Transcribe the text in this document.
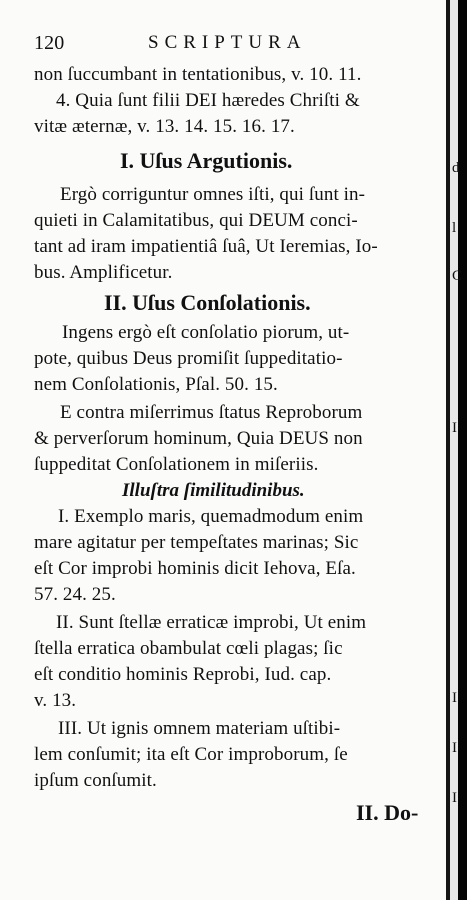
120	SCRIPTURA
non ſuccumbant in tentationibus, v. 10. 11.
4. Quia ſunt filii DEI hæredes Chriſti &
vitæ æternæ, v. 13. 14. 15. 16. 17.
I. Uſus Argutionis.
Ergò corriguntur omnes iſti, qui ſunt in-
quieti in Calamitatibus, qui DEUM conci-
tant ad iram impatientiâ ſuâ, Ut Ieremias, Io-
bus. Amplificetur.
II. Uſus Conſolationis.
Ingens ergò eſt conſolatio piorum, ut-
pote, quibus Deus promiſit ſuppeditatio-
nem Conſolationis, Pſal. 50. 15.
E contra miſerrimus ſtatus Reproborum
& perverſorum hominum, Quia DEUS non
ſuppeditat Conſolationem in miſeriis.
Illuſtra ſimilitudinibus.
I. Exemplo maris, quemadmodum enim
mare agitatur per tempeſtates marinas; Sic
eſt Cor improbi hominis dicit Iehova, Eſa.
57. 24. 25.
II. Sunt ſtellæ erraticæ improbi, Ut enim
ſtella erratica obambulat cœli plagas; ſic
eſt conditio hominis Reprobi, Iud. cap.
v. 13.
III. Ut ignis omnem materiam uſtibi-
lem conſumit; ita eſt Cor improborum, ſe
ipſum conſumit.
II. Do-
d
l
C
I
I
I
I
